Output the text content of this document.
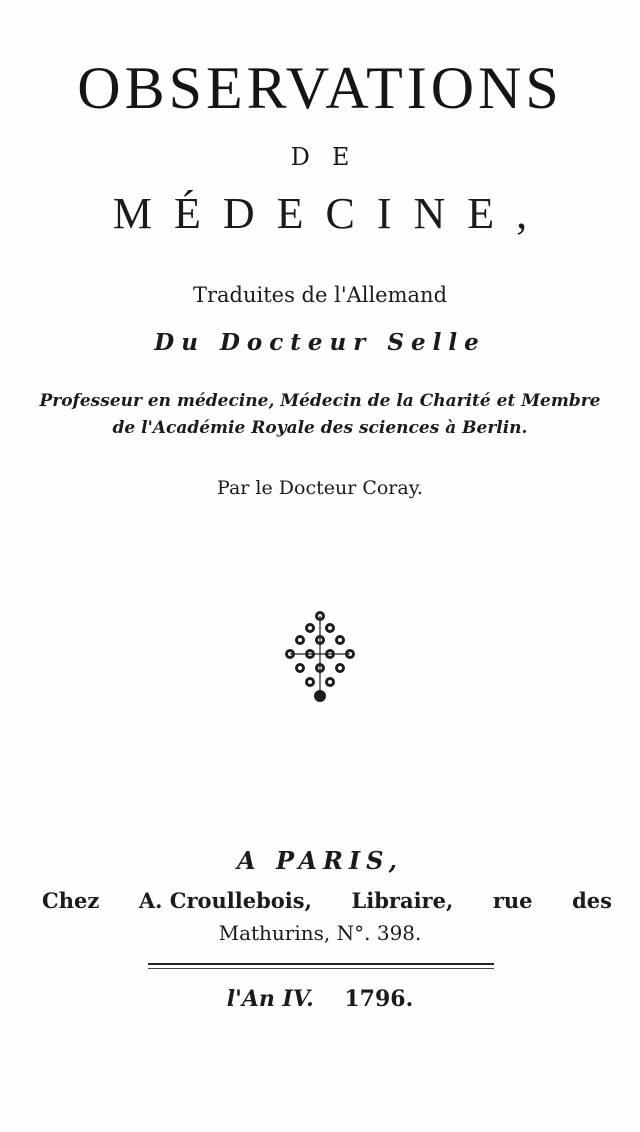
OBSERVATIONS
DE
MÉDECINE,
Traduites de l'Allemand
Du Docteur Selle
Professeur en médecine, Médecin de la Charité et Membre
de l'Académie Royale des sciences à Berlin.
Par le Docteur Coray.
A PARIS,
Chez A. Croullebois, Libraire, rue des
Mathurins, N°. 398.
l'An IV. 1796.
